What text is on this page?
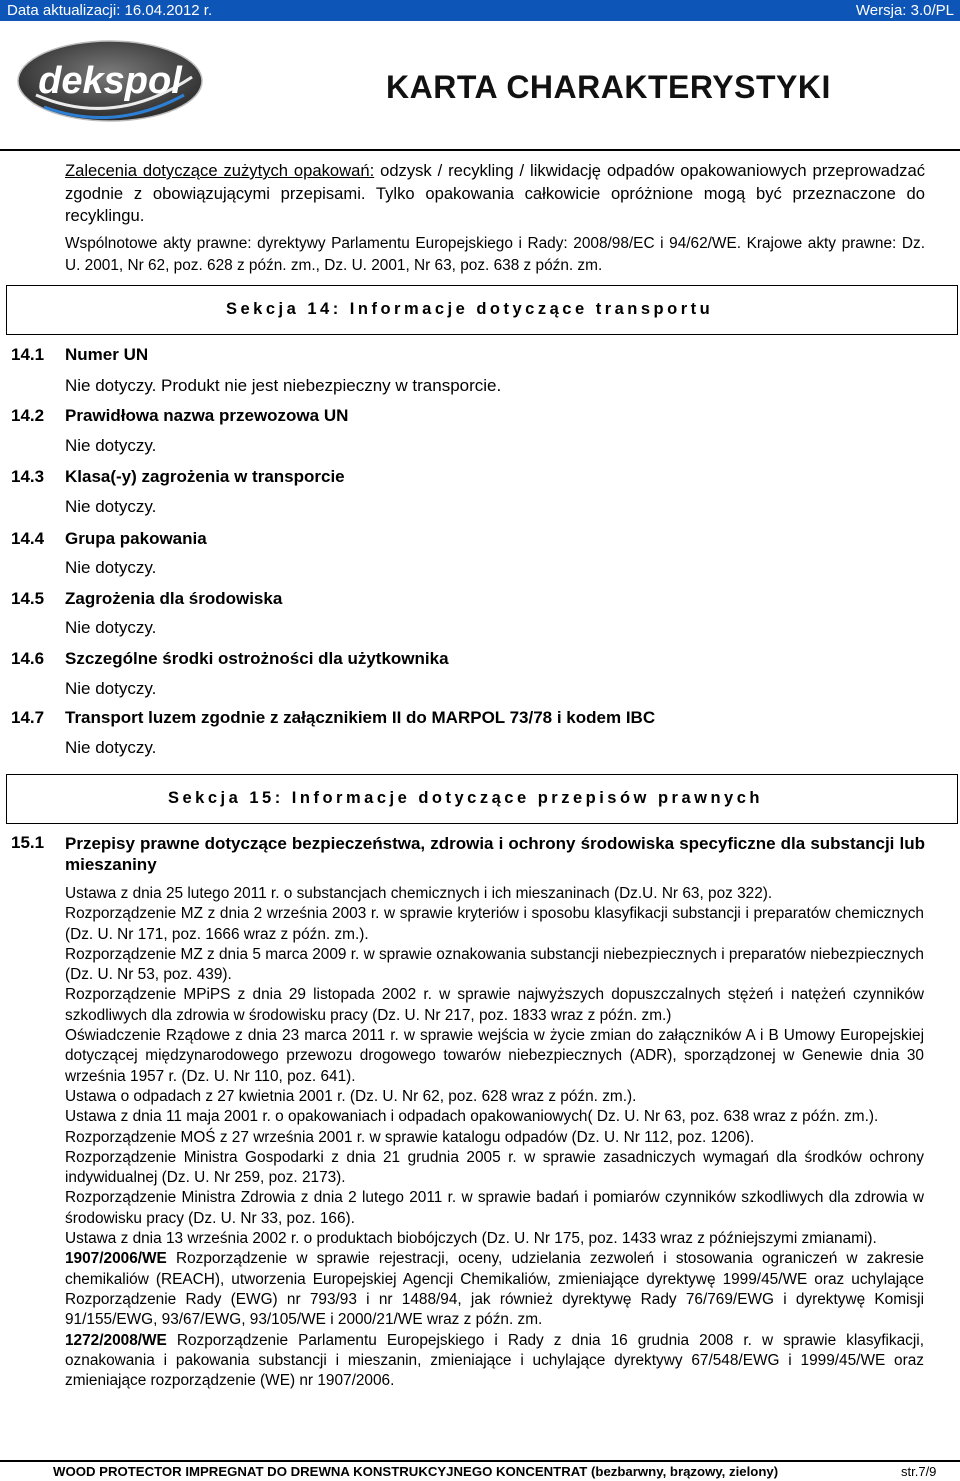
Data aktualizacji: 16.04.2012 r.	Wersja: 3.0/PL
dekspol	KARTA CHARAKTERYSTYKI
Zalecenia dotyczące zużytych opakowań: odzysk / recykling / likwidację odpadów opakowaniowych przeprowadzać zgodnie z obowiązującymi przepisami. Tylko opakowania całkowicie opróżnione mogą być przeznaczone do recyklingu.
Wspólnotowe akty prawne: dyrektywy Parlamentu Europejskiego i Rady: 2008/98/EC i 94/62/WE. Krajowe akty prawne: Dz. U. 2001, Nr 62, poz. 628 z późn. zm., Dz. U. 2001, Nr 63, poz. 638 z późn. zm.
Sekcja 14: Informacje dotyczące transportu
14.1 Numer UN
Nie dotyczy. Produkt nie jest niebezpieczny w transporcie.
14.2 Prawidłowa nazwa przewozowa UN
Nie dotyczy.
14.3 Klasa(-y) zagrożenia w transporcie
Nie dotyczy.
14.4 Grupa pakowania
Nie dotyczy.
14.5 Zagrożenia dla środowiska
Nie dotyczy.
14.6 Szczególne środki ostrożności dla użytkownika
Nie dotyczy.
14.7 Transport luzem zgodnie z załącznikiem II do MARPOL 73/78 i kodem IBC
Nie dotyczy.
Sekcja 15: Informacje dotyczące przepisów prawnych
15.1 Przepisy prawne dotyczące bezpieczeństwa, zdrowia i ochrony środowiska specyficzne dla substancji lub mieszaniny

Ustawa z dnia 25 lutego 2011 r. o substancjach chemicznych i ich mieszaninach (Dz.U. Nr 63, poz 322).

Rozporządzenie MZ z dnia 2 września 2003 r. w sprawie kryteriów i sposobu klasyfikacji substancji i preparatów chemicznych (Dz. U. Nr 171, poz. 1666 wraz z późn. zm.).

Rozporządzenie MZ z dnia 5 marca 2009 r. w sprawie oznakowania substancji niebezpiecznych i preparatów niebezpiecznych (Dz. U. Nr 53, poz. 439).

Rozporządzenie MPiPS z dnia 29 listopada 2002 r. w sprawie najwyższych dopuszczalnych stężeń i natężeń czynników szkodliwych dla zdrowia w środowisku pracy (Dz. U. Nr 217, poz. 1833 wraz z późn. zm.)

Oświadczenie Rządowe z dnia 23 marca 2011 r. w sprawie wejścia w życie zmian do załączników A i B Umowy Europejskiej dotyczącej międzynarodowego przewozu drogowego towarów niebezpiecznych (ADR), sporządzonej w Genewie dnia 30 września 1957 r. (Dz. U. Nr 110, poz. 641).

Ustawa o odpadach z 27 kwietnia 2001 r. (Dz. U. Nr 62, poz. 628 wraz z późn. zm.).

Ustawa z dnia 11 maja 2001 r. o opakowaniach i odpadach opakowaniowych( Dz. U. Nr 63, poz. 638 wraz z późn. zm.).

Rozporządzenie MOŚ z 27 września 2001 r. w sprawie katalogu odpadów (Dz. U. Nr 112, poz. 1206).

Rozporządzenie Ministra Gospodarki z dnia 21 grudnia 2005 r. w sprawie zasadniczych wymagań dla środków ochrony indywidualnej (Dz. U. Nr 259, poz. 2173).

Rozporządzenie Ministra Zdrowia z dnia 2 lutego 2011 r. w sprawie badań i pomiarów czynników szkodliwych dla zdrowia w środowisku pracy (Dz. U. Nr 33, poz. 166).

Ustawa z dnia 13 września 2002 r. o produktach biobójczych (Dz. U. Nr 175, poz. 1433 wraz z późniejszymi zmianami).

1907/2006/WE Rozporządzenie w sprawie rejestracji, oceny, udzielania zezwoleń i stosowania ograniczeń w zakresie chemikaliów (REACH), utworzenia Europejskiej Agencji Chemikaliów, zmieniające dyrektywę 1999/45/WE oraz uchylające Rozporządzenie Rady (EWG) nr 793/93 i nr 1488/94, jak również dyrektywę Rady 76/769/EWG i dyrektywę Komisji 91/155/EWG, 93/67/EWG, 93/105/WE i 2000/21/WE wraz z późn. zm.

1272/2008/WE Rozporządzenie Parlamentu Europejskiego i Rady z dnia 16 grudnia 2008 r. w sprawie klasyfikacji, oznakowania i pakowania substancji i mieszanin, zmieniające i uchylające dyrektywy 67/548/EWG i 1999/45/WE oraz zmieniające rozporządzenie (WE) nr 1907/2006.

WOOD PROTECTOR IMPREGNAT DO DREWNA KONSTRUKCYJNEGO KONCENTRAT (bezbarwny, brązowy, zielony)	str.7/9
